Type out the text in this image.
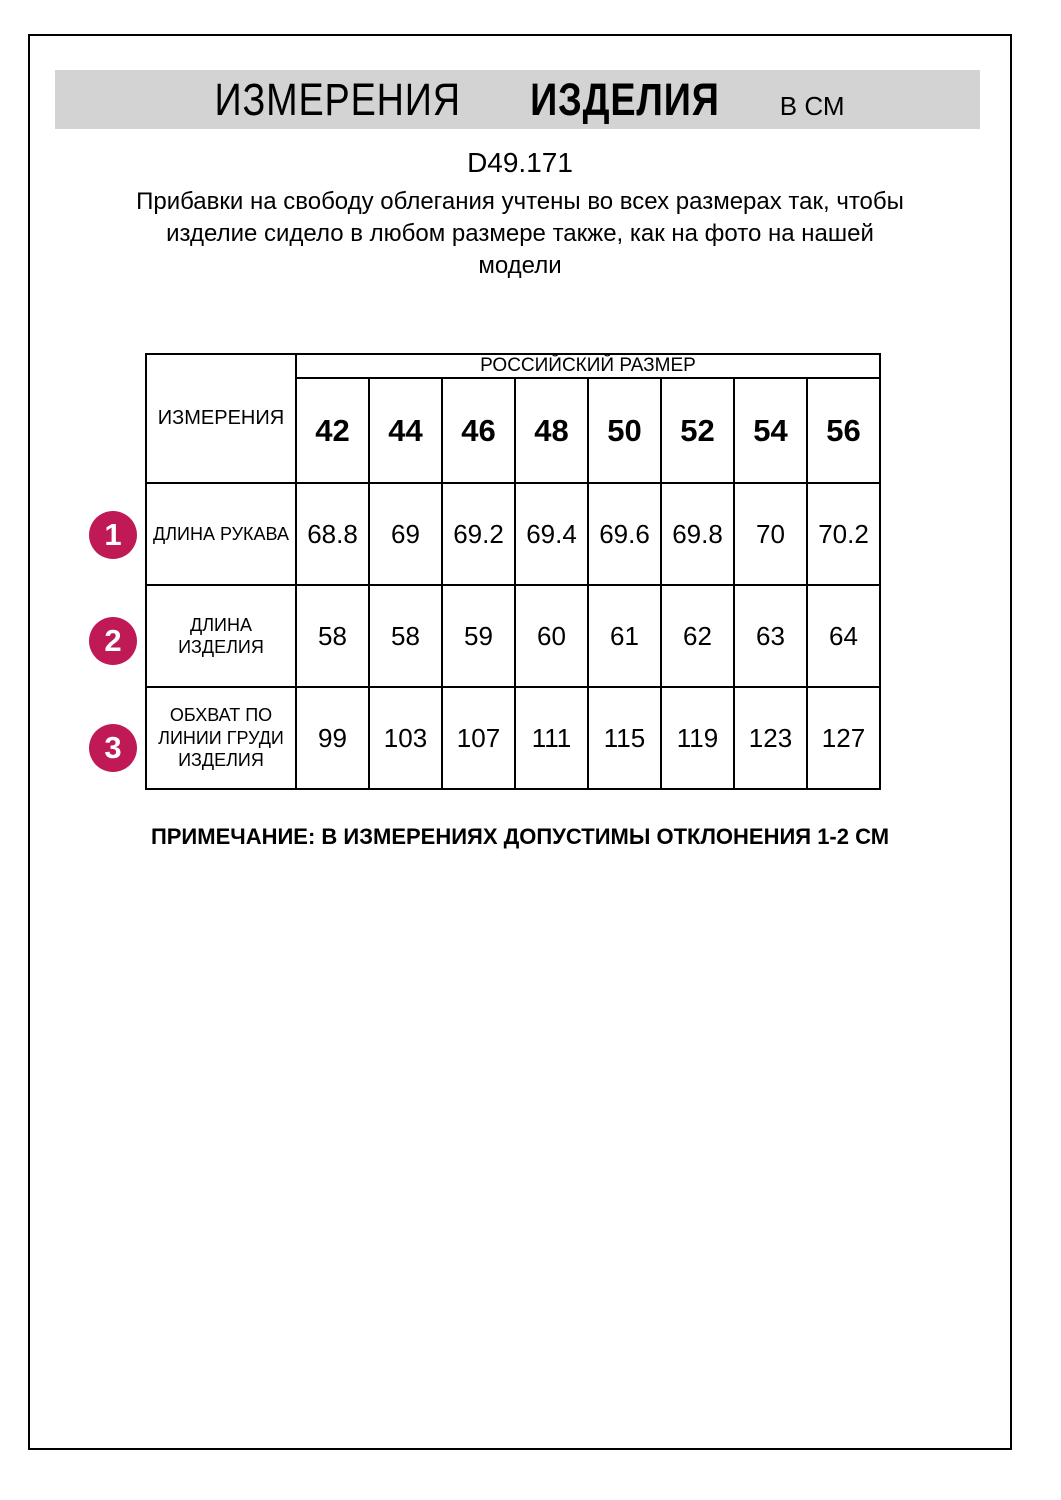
ИЗМЕРЕНИЯ ИЗДЕЛИЯ В СМ
D49.171
Прибавки на свободу облегания учтены во всех размерах так, чтобы
изделие сидело в любом размере также, как на фото на нашей
модели
ИЗМЕРЕНИЯ	РОССИЙСКИЙ РАЗМЕР							
	42	44	46	48	50	52	54	56
ДЛИНА РУКАВА	68.8	69	69.2	69.4	69.6	69.8	70	70.2
ДЛИНА ИЗДЕЛИЯ	58	58	59	60	61	62	63	64
ОБХВАТ ПО ЛИНИИ ГРУДИ ИЗДЕЛИЯ	99	103	107	111	115	119	123	127
1
2
3
ПРИМЕЧАНИЕ: В ИЗМЕРЕНИЯХ ДОПУСТИМЫ ОТКЛОНЕНИЯ 1-2 СМ
